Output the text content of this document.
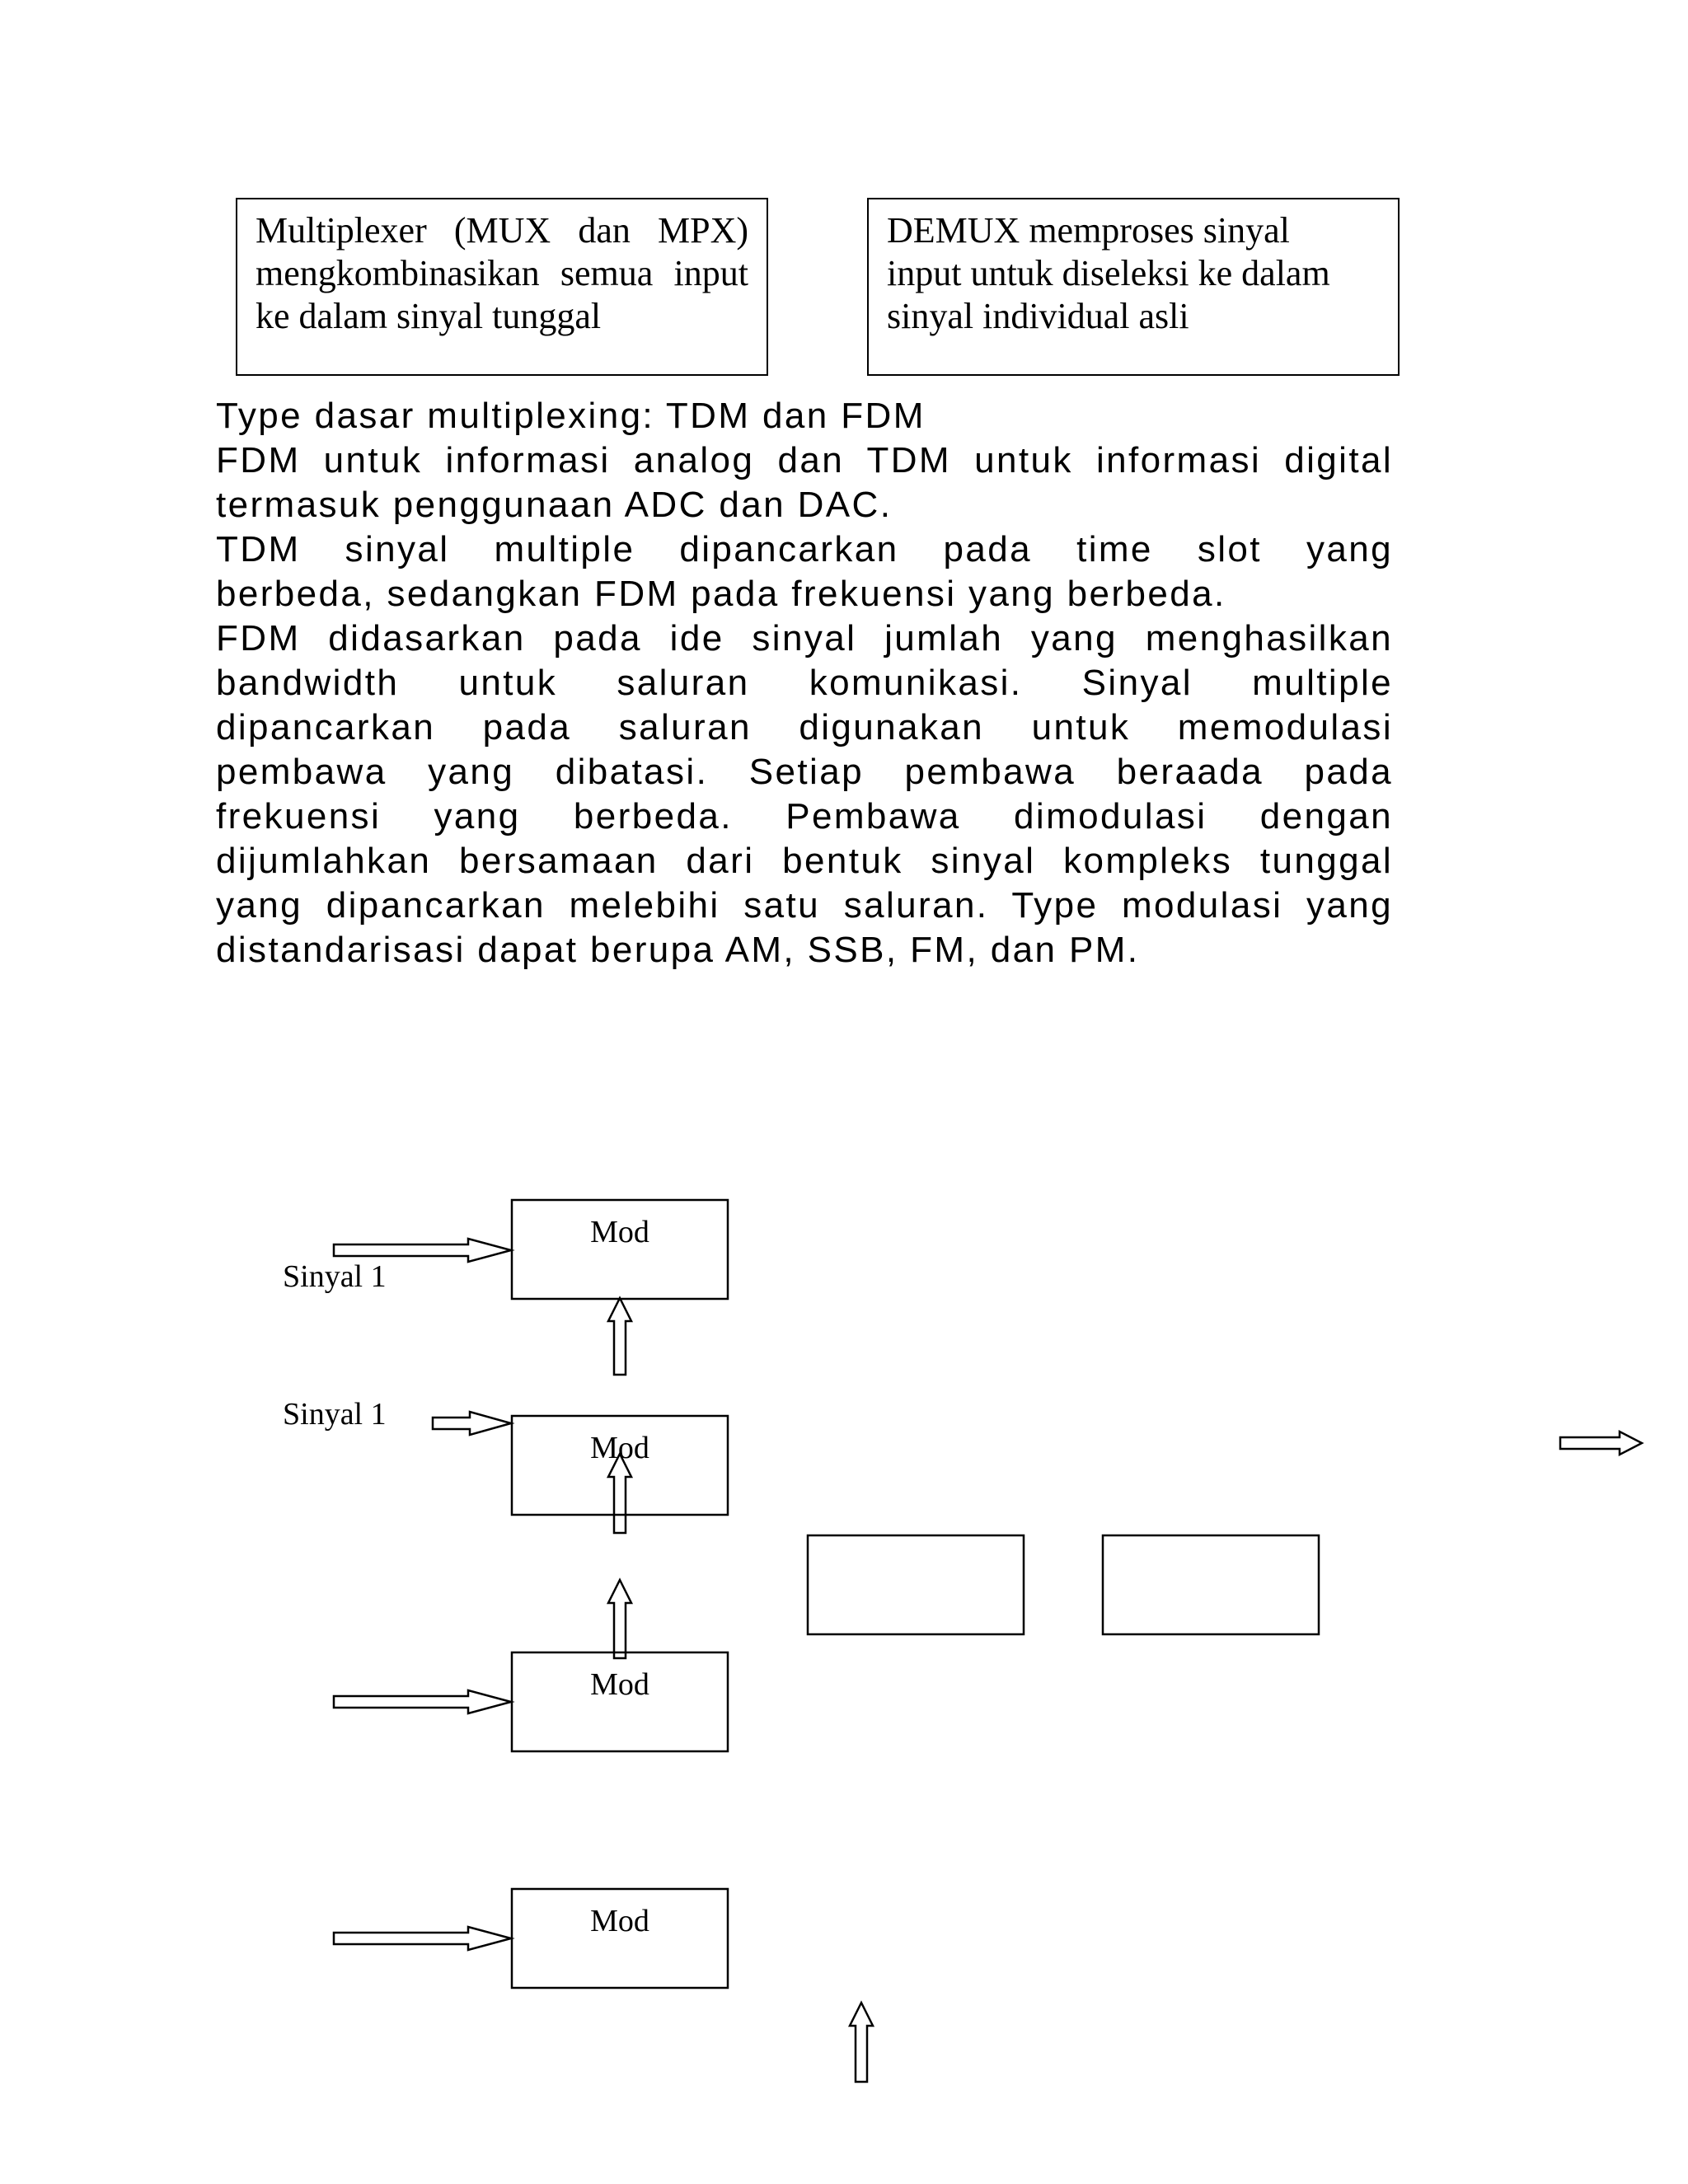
Multiplexer (MUX dan MPX)
mengkombinasikan semua input
ke dalam sinyal tunggal
DEMUX memproses sinyal
input untuk diseleksi ke dalam
sinyal individual asli
Type dasar multiplexing: TDM dan FDM
FDM untuk informasi analog dan TDM untuk informasi digital
termasuk penggunaan ADC dan DAC.
TDM sinyal multiple dipancarkan pada time slot yang
berbeda, sedangkan FDM pada frekuensi yang berbeda.
FDM didasarkan pada ide sinyal jumlah yang menghasilkan
bandwidth untuk saluran komunikasi. Sinyal multiple
dipancarkan pada saluran digunakan untuk memodulasi
pembawa yang dibatasi. Setiap pembawa beraada pada
frekuensi yang berbeda. Pembawa dimodulasi dengan
dijumlahkan bersamaan dari bentuk sinyal kompleks tunggal
yang dipancarkan melebihi satu saluran. Type modulasi yang
distandarisasi dapat berupa AM, SSB, FM, dan PM.
Mod
Mod
Mod
Mod
Sinyal 1
Sinyal 1
